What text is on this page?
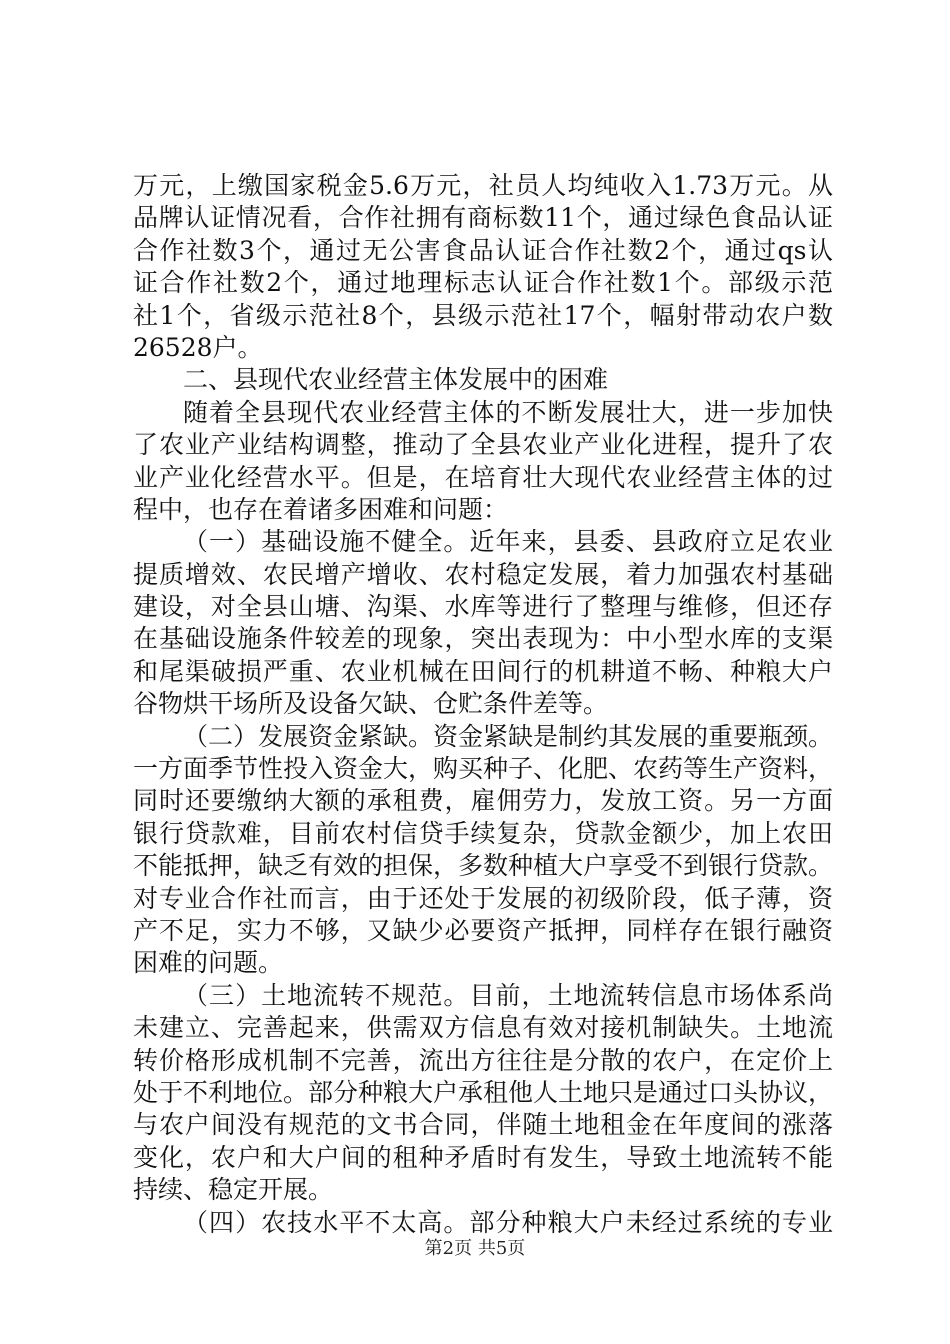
万元，上缴国家税金5.6万元，社员人均纯收入1.73万元。从
品牌认证情况看，合作社拥有商标数11个，通过绿色食品认证
合作社数3个，通过无公害食品认证合作社数2个，通过qs认
证合作社数2个，通过地理标志认证合作社数1个。部级示范
社1个，省级示范社8个，县级示范社17个，幅射带动农户数
26528户。
二、县现代农业经营主体发展中的困难
随着全县现代农业经营主体的不断发展壮大，进一步加快
了农业产业结构调整，推动了全县农业产业化进程，提升了农
业产业化经营水平。但是，在培育壮大现代农业经营主体的过
程中，也存在着诸多困难和问题：
（一）基础设施不健全。近年来，县委、县政府立足农业
提质增效、农民增产增收、农村稳定发展，着力加强农村基础
建设，对全县山塘、沟渠、水库等进行了整理与维修，但还存
在基础设施条件较差的现象，突出表现为：中小型水库的支渠
和尾渠破损严重、农业机械在田间行的机耕道不畅、种粮大户
谷物烘干场所及设备欠缺、仓贮条件差等。
（二）发展资金紧缺。资金紧缺是制约其发展的重要瓶颈。
一方面季节性投入资金大，购买种子、化肥、农药等生产资料，
同时还要缴纳大额的承租费，雇佣劳力，发放工资。另一方面
银行贷款难，目前农村信贷手续复杂，贷款金额少，加上农田
不能抵押，缺乏有效的担保，多数种植大户享受不到银行贷款。
对专业合作社而言，由于还处于发展的初级阶段，低子薄，资
产不足，实力不够，又缺少必要资产抵押，同样存在银行融资
困难的问题。
（三）土地流转不规范。目前，土地流转信息市场体系尚
未建立、完善起来，供需双方信息有效对接机制缺失。土地流
转价格形成机制不完善，流出方往往是分散的农户，在定价上
处于不利地位。部分种粮大户承租他人土地只是通过口头协议，
与农户间没有规范的文书合同，伴随土地租金在年度间的涨落
变化，农户和大户间的租种矛盾时有发生，导致土地流转不能
持续、稳定开展。
（四）农技水平不太高。部分种粮大户未经过系统的专业
第2页 共5页
